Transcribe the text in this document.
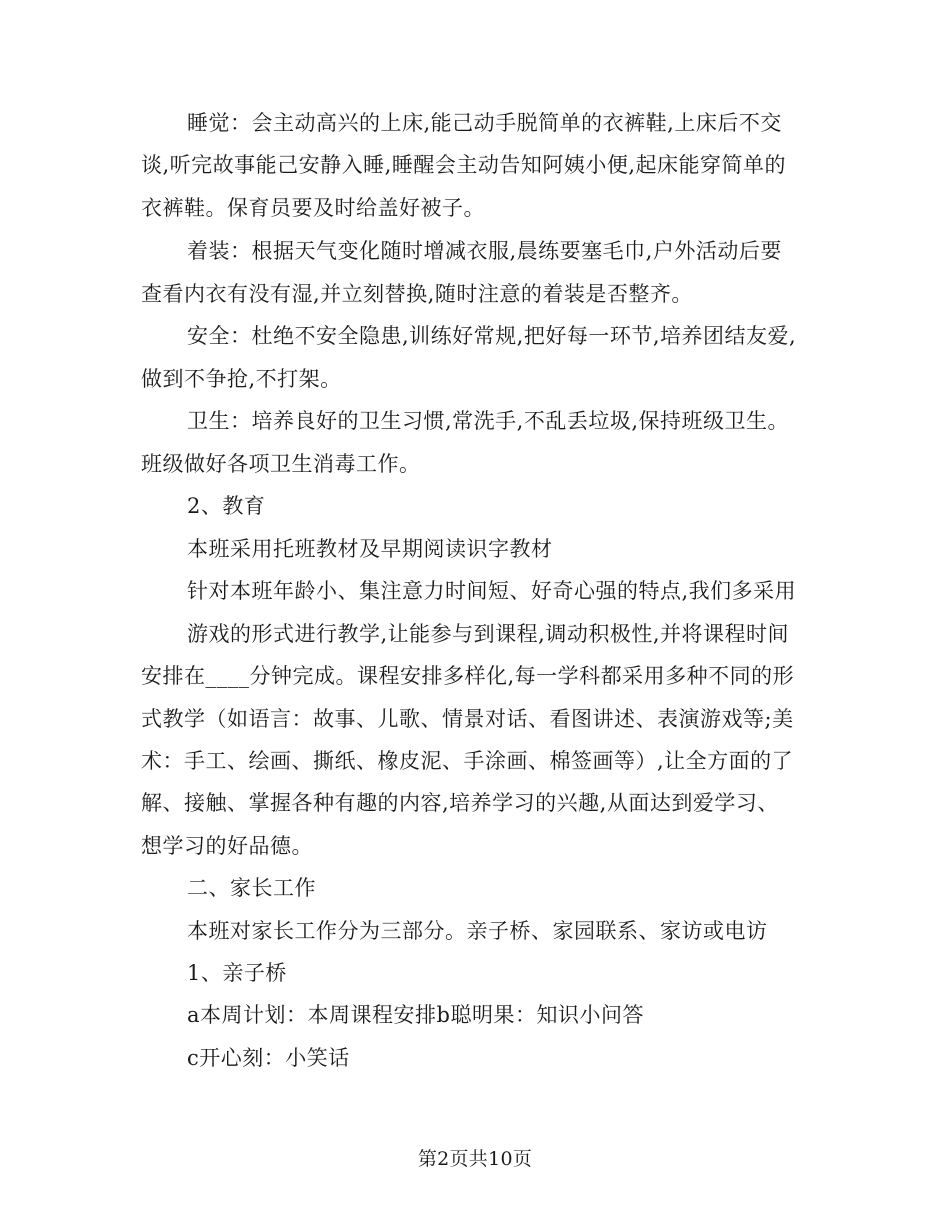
睡觉：会主动高兴的上床,能己动手脱简单的衣裤鞋,上床后不交
谈,听完故事能己安静入睡,睡醒会主动告知阿姨小便,起床能穿简单的
衣裤鞋。保育员要及时给盖好被子。
着装：根据天气变化随时增减衣服,晨练要塞毛巾,户外活动后要
查看内衣有没有湿,并立刻替换,随时注意的着装是否整齐。
安全：杜绝不安全隐患,训练好常规,把好每一环节,培养团结友爱,
做到不争抢,不打架。
卫生：培养良好的卫生习惯,常洗手,不乱丢垃圾,保持班级卫生。
班级做好各项卫生消毒工作。
2、教育
本班采用托班教材及早期阅读识字教材
针对本班年龄小、集注意力时间短、好奇心强的特点,我们多采用
游戏的形式进行教学,让能参与到课程,调动积极性,并将课程时间
安排在____分钟完成。课程安排多样化,每一学科都采用多种不同的形
式教学（如语言：故事、儿歌、情景对话、看图讲述、表演游戏等;美
术：手工、绘画、撕纸、橡皮泥、手涂画、棉签画等）,让全方面的了
解、接触、掌握各种有趣的内容,培养学习的兴趣,从面达到爱学习、
想学习的好品德。
二、家长工作
本班对家长工作分为三部分。亲子桥、家园联系、家访或电访
1、亲子桥
a本周计划：本周课程安排b聪明果：知识小问答
c开心刻：小笑话
第2页共10页
